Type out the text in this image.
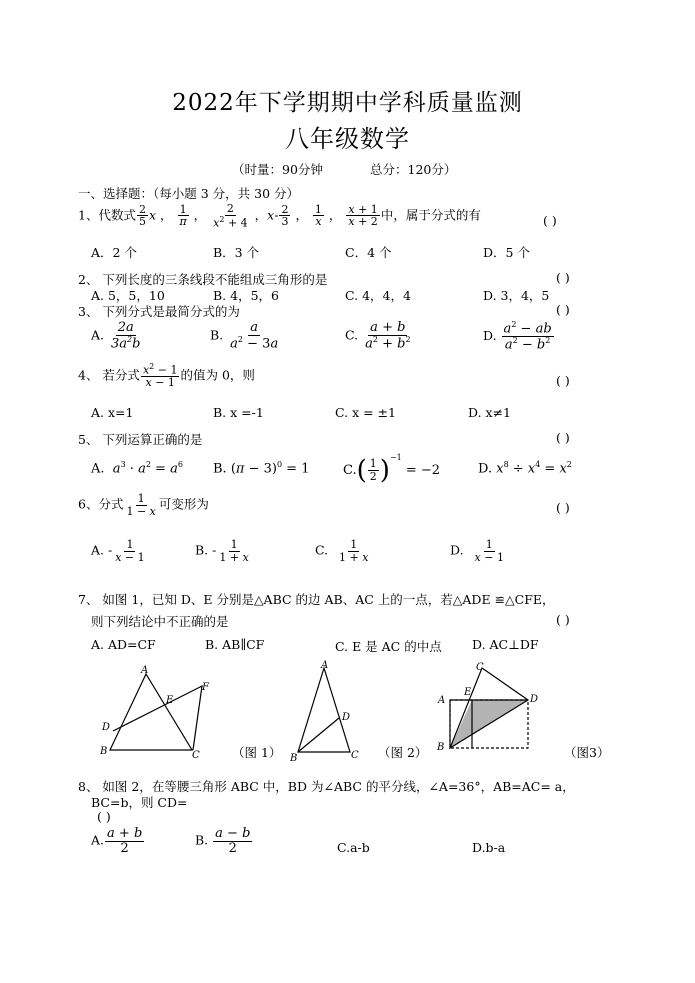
2022年下学期期中学科质量监测
八年级数学
（时量：90分钟	总分：120分）
一、选择题：（每小题 3 分，共 30 分）
1、代数式 $\frac{2}{5}$ x ， $\frac{1}{\pi}$ ， $\frac{2}{x^2 + 4}$ ，$x- \frac{2}{3}$ ， $\frac{1}{x}$ ， $\frac{x + 1}{x + 2}$ 中，属于分式的有	( )
A．2 个	B．3 个	C．4 个	D．5 个
2、 下列长度的三条线段不能组成三角形的是	( )
A. 5，5，10	B. 4，5，6	C. 4，4，4	D. 3，4，5
3、 下列分式是最简分式的为	( )
A. $\frac{2a}{3a^2b}$	B. $\frac{a}{a^2 - 3a}$	C. $\frac{a + b}{a^2 + b^2}$	D. $\frac{a^2 - ab}{a^2 - b^2}$
4、 若分式 $\frac{x^2 - 1}{x - 1}$ 的值为 0，则	( )
A. x=1	B. x =-1	C. x = ±1	D. x≠1
5、 下列运算正确的是	( )
A. $a^3 \cdot a^2 = a^6$ B. $(\pi - 3)^0 = 1$	$C.( \frac{1}{2} )^{-1} = -2$	D. $x^8 \div x^4 = x^2$
6、分式 $\frac{1}{1 - x}$ 可变形为	( )
A. - $\frac{1}{x - 1}$	B. - $\frac{1}{1 + x}$	C. $\frac{1}{1 + x}$	D. $\frac{1}{x - 1}$
7、 如图 1，已知 D、E 分别是△ABC 的边 AB、AC 上的一点，若△ADE ≌△CFE，
则下列结论中不正确的是	( )
A. AD=CF	B. AB∥CF	C. E 是 AC 的中点 D. AC⊥DF
A
B	C
D
E
F
（图 1）
A
B	C
D
（图 2）
C
A
E
D
B	（图3）
8、 如图 2，在等腰三角形 ABC 中，BD 为∠ABC 的平分线，∠A=36°，AB=AC= a，
BC=b，则 CD=
( )
A. $\frac{a + b}{2}$	B. $\frac{a - b}{2}$	C.a-b	D.b-a
